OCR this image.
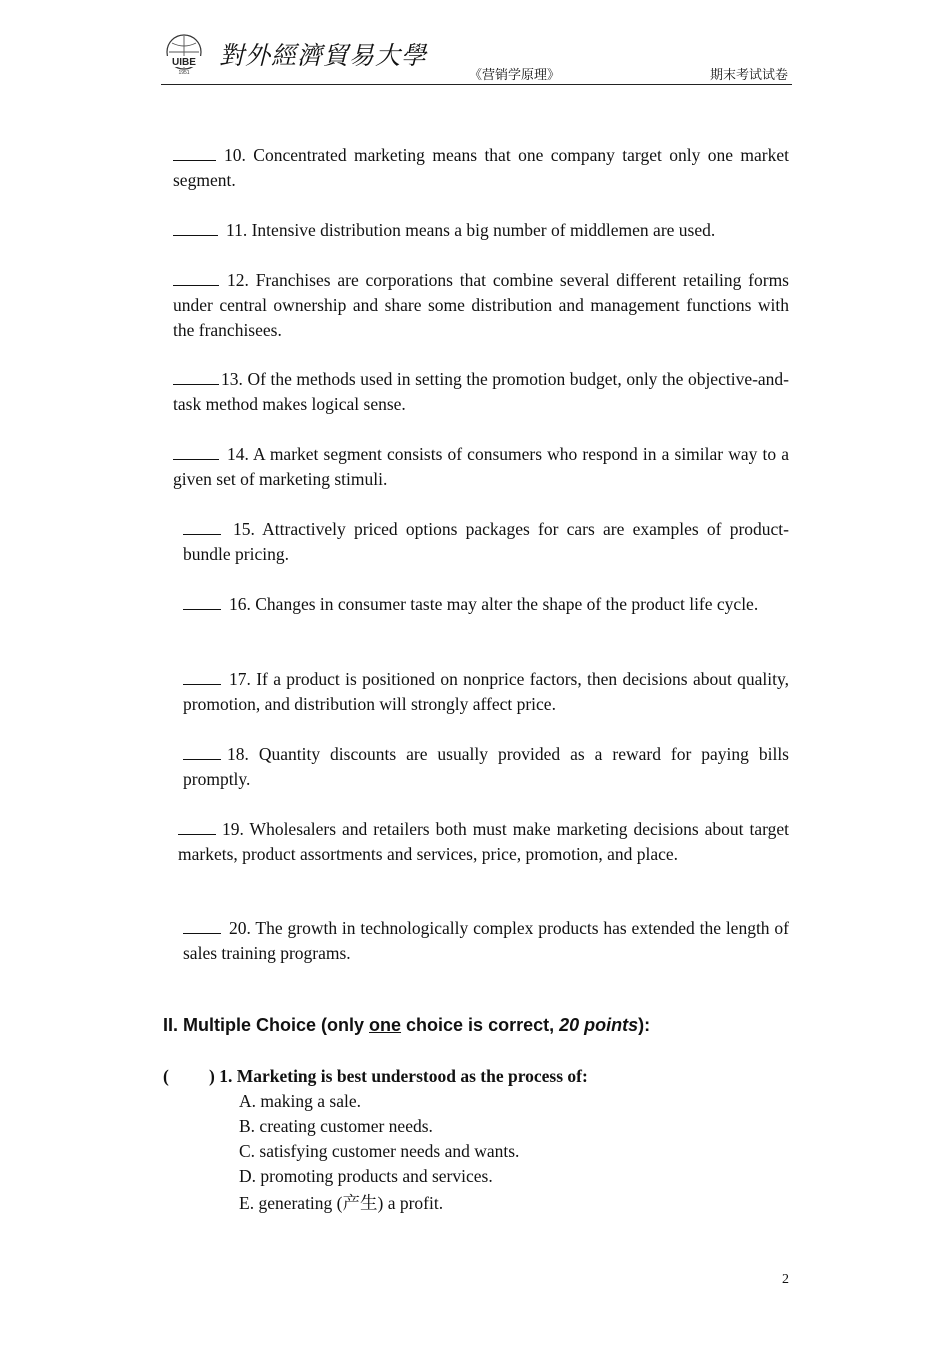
UIBE
1951
對外經濟貿易大學
《营销学原理》	期末考试试卷
10. Concentrated marketing means that one company target only one market segment.
11. Intensive distribution means a big number of middlemen are used.
12. Franchises are corporations that combine several different retailing forms under central ownership and share some distribution and management functions with the franchisees.
13. Of the methods used in setting the promotion budget, only the objective-and-task method makes logical sense.
14. A market segment consists of consumers who respond in a similar way to a given set of marketing stimuli.
15. Attractively priced options packages for cars are examples of product-bundle pricing.
16. Changes in consumer taste may alter the shape of the product life cycle.
17. If a product is positioned on nonprice factors, then decisions about quality, promotion, and distribution will strongly affect price.
18. Quantity discounts are usually provided as a reward for paying bills promptly.
19. Wholesalers and retailers both must make marketing decisions about target markets, product assortments and services, price, promotion, and place.
20. The growth in technologically complex products has extended the length of sales training programs.
II. Multiple Choice (only one choice is correct, 20 points):
( ) 1. Marketing is best understood as the process of:
A. making a sale.
B. creating customer needs.
C. satisfying customer needs and wants.
D. promoting products and services.
E. generating (产生) a profit.
2
